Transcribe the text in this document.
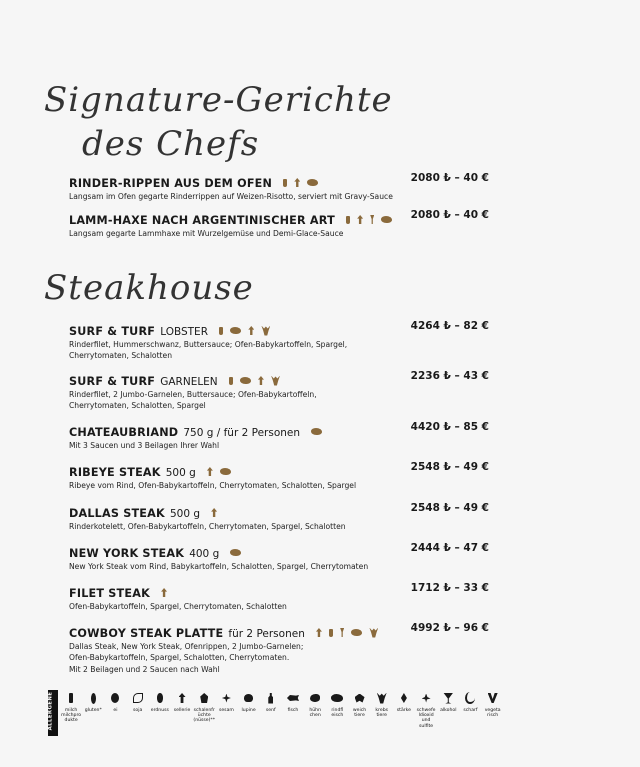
Signature-Gerichte
des Chefs
RINDER-RIPPEN AUS DEM OFEN
Langsam im Ofen gegarte Rinderrippen auf Weizen-Risotto, serviert mit Gravy-Sauce
2080 ₺ – 40 €
LAMM-HAXE NACH ARGENTINISCHER ART
Langsam gegarte Lammhaxe mit Wurzelgemüse und Demi-Glace-Sauce
2080 ₺ – 40 €
Steakhouse
SURF & TURF LOBSTER
Rinderfilet, Hummerschwanz, Buttersauce; Ofen-Babykartoffeln, Spargel,
Cherrytomaten, Schalotten
4264 ₺ – 82 €
SURF & TURF GARNELEN
Rinderfilet, 2 Jumbo-Garnelen, Buttersauce; Ofen-Babykartoffeln,
Cherrytomaten, Schalotten, Spargel
2236 ₺ – 43 €
CHATEAUBRIAND 750 g / für 2 Personen
Mit 3 Saucen und 3 Beilagen Ihrer Wahl
4420 ₺ – 85 €
RIBEYE STEAK 500 g
Ribeye vom Rind, Ofen-Babykartoffeln, Cherrytomaten, Schalotten, Spargel
2548 ₺ – 49 €
DALLAS STEAK 500 g
Rinderkotelett, Ofen-Babykartoffeln, Cherrytomaten, Spargel, Schalotten
2548 ₺ – 49 €
NEW YORK STEAK 400 g
New York Steak vom Rind, Babykartoffeln, Schalotten, Spargel, Cherrytomaten
2444 ₺ – 47 €
FILET STEAK
Ofen-Babykartoffeln, Spargel, Cherrytomaten, Schalotten
1712 ₺ – 33 €
COWBOY STEAK PLATTE für 2 Personen
Dallas Steak, New York Steak, Ofenrippen, 2 Jumbo-Garnelen;
Ofen-Babykartoffeln, Spargel, Schalotten, Cherrytomaten.
Mit 2 Beilagen und 2 Saucen nach Wahl
4992 ₺ – 96 €
ALLERGENE	milch
milchpro
dukte
gluten*	ei	soja	erdnuss	sellerie schalenfr
üchte
(nüsse)**
sesam	lupine	senf	fisch	hühn
chen
rindfl
eisch
weich
tiere
krebs
tiere
stärke	schwefe
ldioxid
und
sulfite
alkohol	scharf	vegeta
risch
